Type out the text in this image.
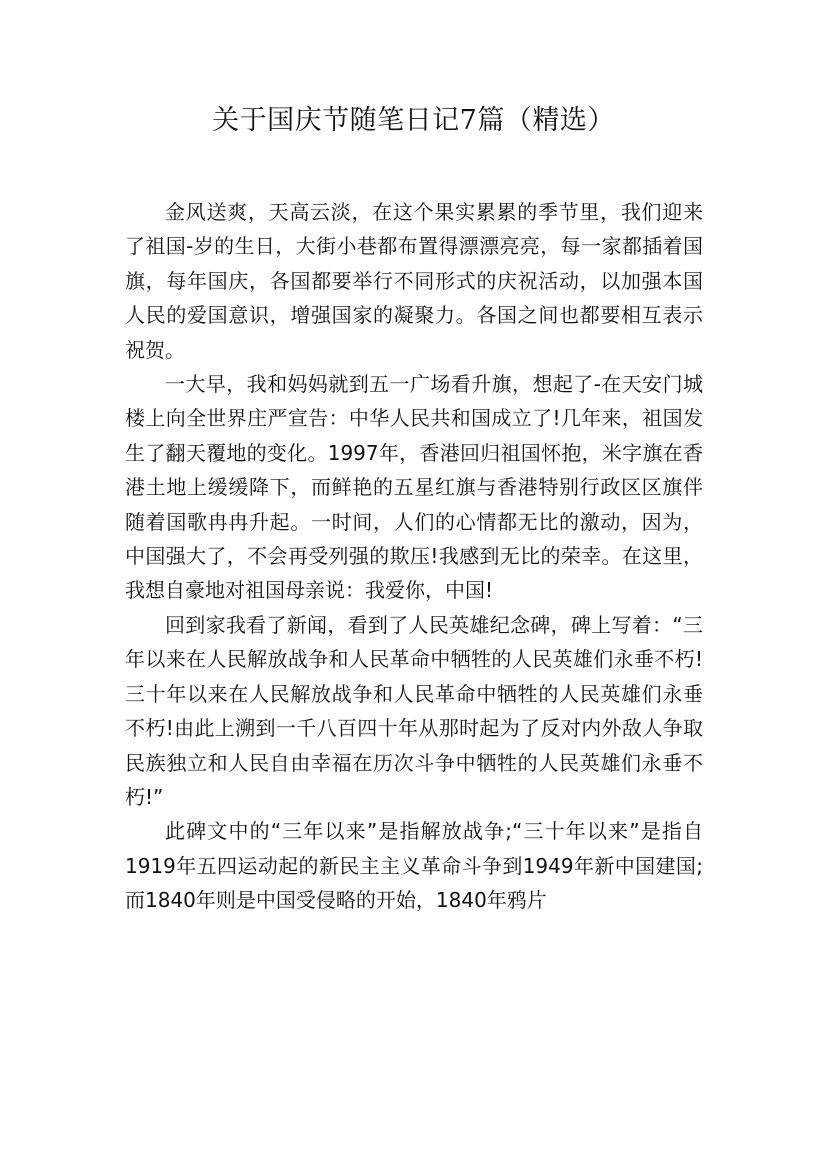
关于国庆节随笔日记7篇（精选）

金风送爽，天高云淡，在这个果实累累的季节里，我们迎来了祖国-岁的生日，大街小巷都布置得漂漂亮亮，每一家都插着国旗，每年国庆，各国都要举行不同形式的庆祝活动，以加强本国人民的爱国意识，增强国家的凝聚力。各国之间也都要相互表示祝贺。

一大早，我和妈妈就到五一广场看升旗，想起了-在天安门城楼上向全世界庄严宣告：中华人民共和国成立了!几年来，祖国发生了翻天覆地的变化。1997年，香港回归祖国怀抱，米字旗在香港土地上缓缓降下，而鲜艳的五星红旗与香港特别行政区区旗伴随着国歌冉冉升起。一时间，人们的心情都无比的激动，因为，中国强大了，不会再受列强的欺压!我感到无比的荣幸。在这里，我想自豪地对祖国母亲说：我爱你，中国!

回到家我看了新闻，看到了人民英雄纪念碑，碑上写着：“三年以来在人民解放战争和人民革命中牺牲的人民英雄们永垂不朽!三十年以来在人民解放战争和人民革命中牺牲的人民英雄们永垂不朽!由此上溯到一千八百四十年从那时起为了反对内外敌人争取民族独立和人民自由幸福在历次斗争中牺牲的人民英雄们永垂不朽!”

此碑文中的“三年以来”是指解放战争;“三十年以来”是指自1919年五四运动起的新民主主义革命斗争到1949年新中国建国;而1840年则是中国受侵略的开始，1840年鸦片
